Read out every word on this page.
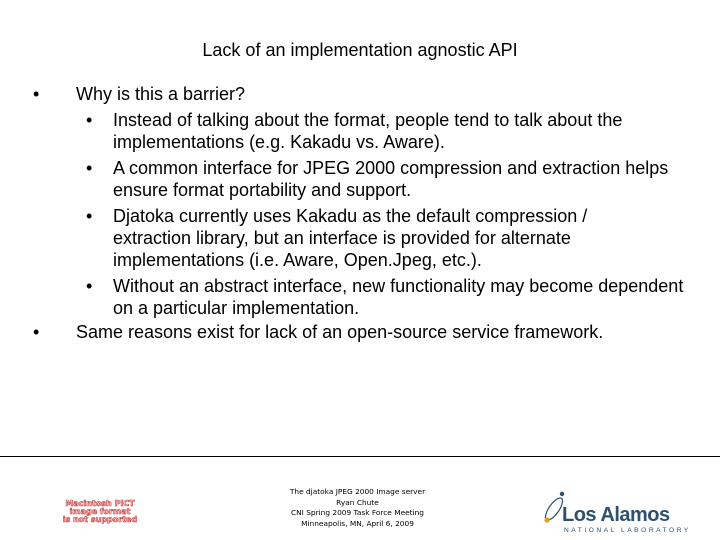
Lack of an implementation agnostic API
• Why is this a barrier?
• Instead of talking about the format, people tend to talk about the implementations (e.g. Kakadu vs. Aware).
• A common interface for JPEG 2000 compression and extraction helps ensure format portability and support.
• Djatoka currently uses Kakadu as the default compression / extraction library, but an interface is provided for alternate implementations (i.e. Aware, Open.Jpeg, etc.).
• Without an abstract interface, new functionality may become dependent on a particular implementation.
• Same reasons exist for lack of an open-source service framework.
Macintosh PICT
image format
is not supported
The djatoka JPEG 2000 Image server
Ryan Chute
CNI Spring 2009 Task Force Meeting
Minneapolis, MN, April 6, 2009	Los Alamos
NATIONAL LABORATORY
